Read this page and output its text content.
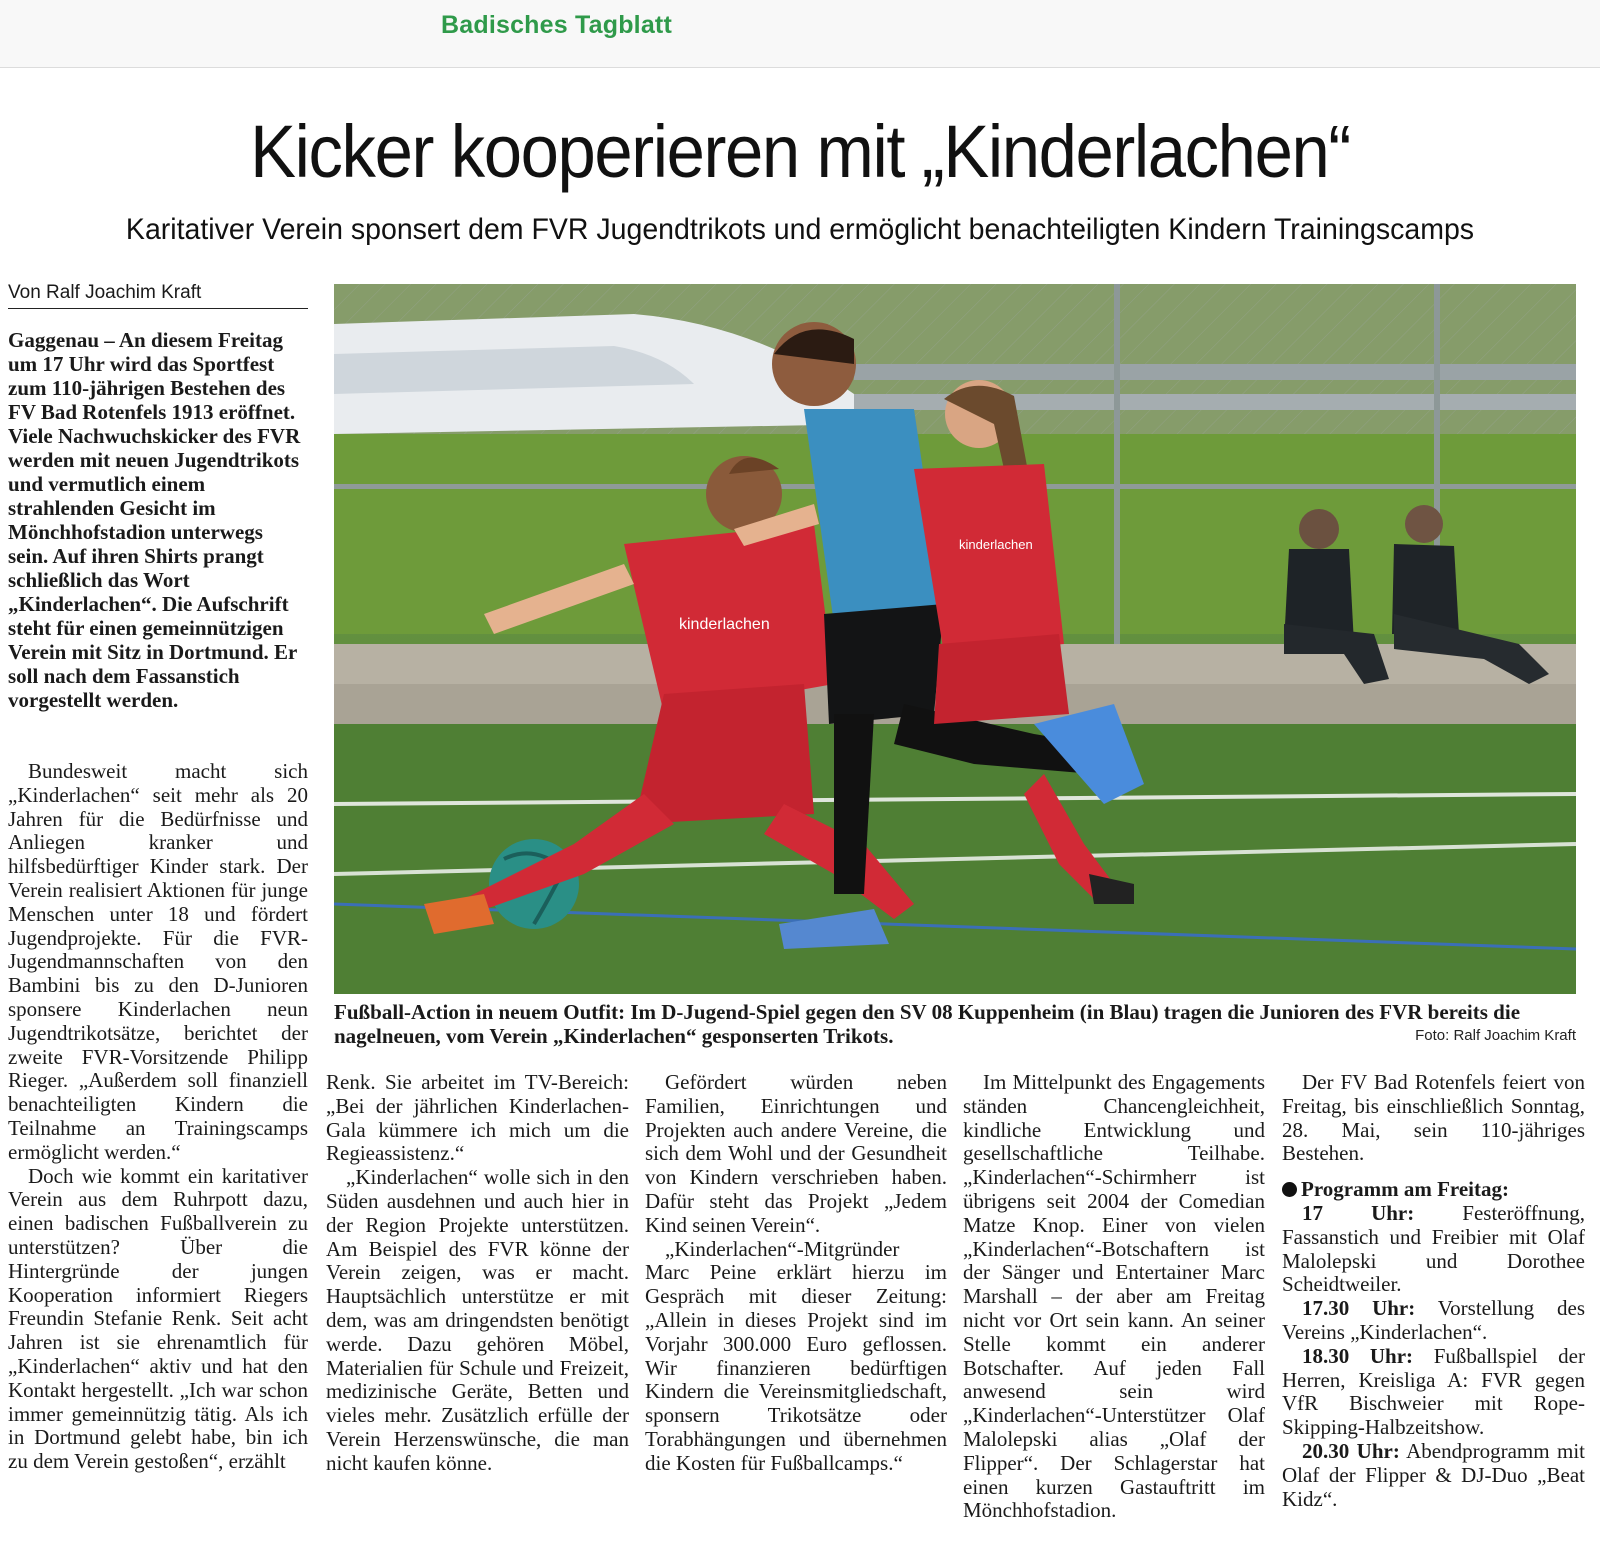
Badisches Tagblatt
Kicker kooperieren mit „Kinderlachen“
Karitativer Verein sponsert dem FVR Jugendtrikots und ermöglicht benachteiligten Kindern Trainingscamps
Von Ralf Joachim Kraft
Gaggenau – An diesem Freitag um 17 Uhr wird das Sportfest zum 110-jährigen Bestehen des FV Bad Rotenfels 1913 eröffnet. Viele Nachwuchskicker des FVR werden mit neuen Jugendtrikots und vermutlich einem strahlenden Gesicht im Mönchhofstadion unterwegs sein. Auf ihren Shirts prangt schließlich das Wort „Kinderlachen“. Die Aufschrift steht für einen gemeinnützigen Verein mit Sitz in Dortmund. Er soll nach dem Fassanstich vorgestellt werden.

Bundesweit macht sich „Kinderlachen“ seit mehr als 20 Jahren für die Bedürfnisse und Anliegen kranker und hilfsbedürftiger Kinder stark. Der Verein realisiert Aktionen für junge Menschen unter 18 und fördert Jugendprojekte. Für die FVR-Jugendmannschaften von den Bambini bis zu den D-Junioren sponsere Kinderlachen neun Jugendtrikotsätze, berichtet der zweite FVR-Vorsitzende Philipp Rieger. „Außerdem soll finanziell benachteiligten Kindern die Teilnahme an Trainingscamps ermöglicht werden.“

Doch wie kommt ein karitativer Verein aus dem Ruhrpott dazu, einen badischen Fußballverein zu unterstützen? Über die Hintergründe der jungen Kooperation informiert Riegers Freundin Stefanie Renk. Seit acht Jahren ist sie ehrenamtlich für „Kinderlachen“ aktiv und hat den Kontakt hergestellt. „Ich war schon immer gemeinnützig tätig. Als ich in Dortmund gelebt habe, bin ich zu dem Verein gestoßen“, erzählt

kinderlachen
kinderlachen
Fußball-Action in neuem Outfit: Im D-Jugend-Spiel gegen den SV 08 Kuppenheim (in Blau) tragen die Junioren des FVR bereits die nagelneuen, vom Verein „Kinderlachen“ gesponserten Trikots.	Foto: Ralf Joachim Kraft

Renk. Sie arbeitet im TV-Bereich: „Bei der jährlichen Kinderlachen-Gala kümmere ich mich um die Regieassistenz.“

„Kinderlachen“ wolle sich in den Süden ausdehnen und auch hier in der Region Projekte unterstützen. Am Beispiel des FVR könne der Verein zeigen, was er macht. Hauptsächlich unterstütze er mit dem, was am dringendsten benötigt werde. Dazu gehören Möbel, Materialien für Schule und Freizeit, medizinische Geräte, Betten und vieles mehr. Zusätzlich erfülle der Verein Herzenswünsche, die man nicht kaufen könne.

Gefördert würden neben Familien, Einrichtungen und Projekten auch andere Vereine, die sich dem Wohl und der Gesundheit von Kindern verschrieben haben. Dafür steht das Projekt „Jedem Kind seinen Verein“.

„Kinderlachen“-Mitgründer Marc Peine erklärt hierzu im Gespräch mit dieser Zeitung: „Allein in dieses Projekt sind im Vorjahr 300.000 Euro geflossen. Wir finanzieren bedürftigen Kindern die Vereinsmitgliedschaft, sponsern Trikotsätze oder Torabhängungen und übernehmen die Kosten für Fußballcamps.“

Im Mittelpunkt des Engagements ständen Chancengleichheit, kindliche Entwicklung und gesellschaftliche Teilhabe. „Kinderlachen“-Schirmherr ist übrigens seit 2004 der Comedian Matze Knop. Einer von vielen „Kinderlachen“-Botschaftern ist der Sänger und Entertainer Marc Marshall – der aber am Freitag nicht vor Ort sein kann. An seiner Stelle kommt ein anderer Botschafter. Auf jeden Fall anwesend sein wird „Kinderlachen“-Unterstützer Olaf Malolepski alias „Olaf der Flipper“. Der Schlagerstar hat einen kurzen Gastauftritt im Mönchhofstadion.

Der FV Bad Rotenfels feiert von Freitag, bis einschließlich Sonntag, 28. Mai, sein 110-jähriges Bestehen.

Programm am Freitag:

17 Uhr: Festeröffnung, Fassanstich und Freibier mit Olaf Malolepski und Dorothee Scheidtweiler.

17.30 Uhr: Vorstellung des Vereins „Kinderlachen“.

18.30 Uhr: Fußballspiel der Herren, Kreisliga A: FVR gegen VfR Bischweier mit Rope-Skipping-Halbzeitshow.

20.30 Uhr: Abendprogramm mit Olaf der Flipper & DJ-Duo „Beat Kidz“.
